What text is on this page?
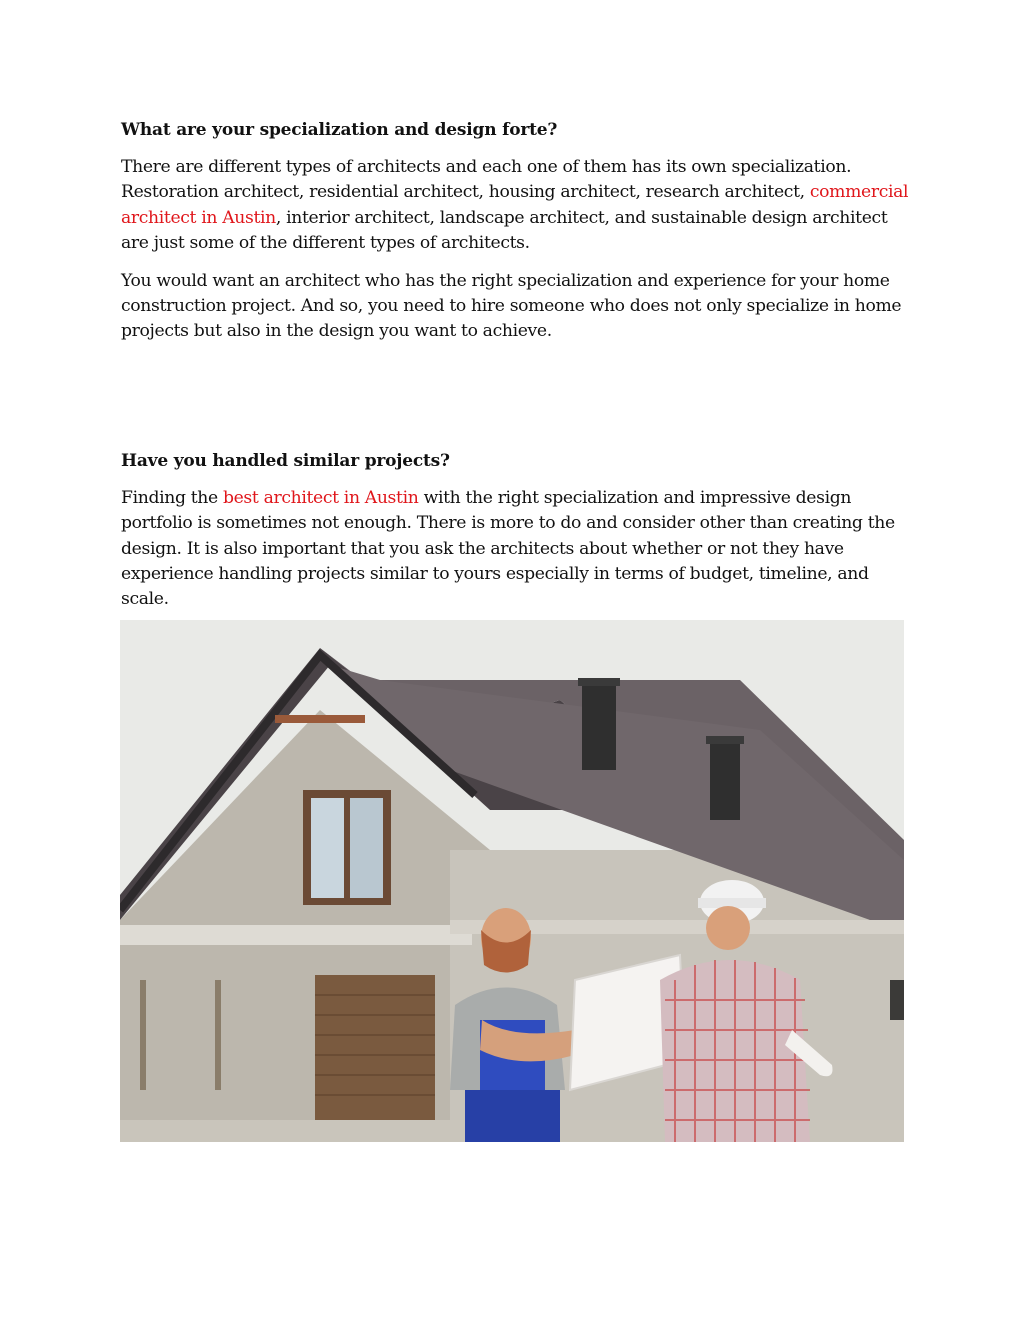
What are your specialization and design forte?

There are different types of architects and each one of them has its own specialization. Restoration architect, residential architect, housing architect, research architect, commercial architect in Austin, interior architect, landscape architect, and sustainable design architect are just some of the different types of architects.

You would want an architect who has the right specialization and experience for your home construction project. And so, you need to hire someone who does not only specialize in home projects but also in the design you want to achieve.

Have you handled similar projects?

Finding the best architect in Austin with the right specialization and impressive design portfolio is sometimes not enough. There is more to do and consider other than creating the design. It is also important that you ask the architects about whether or not they have experience handling projects similar to yours especially in terms of budget, timeline, and scale.
